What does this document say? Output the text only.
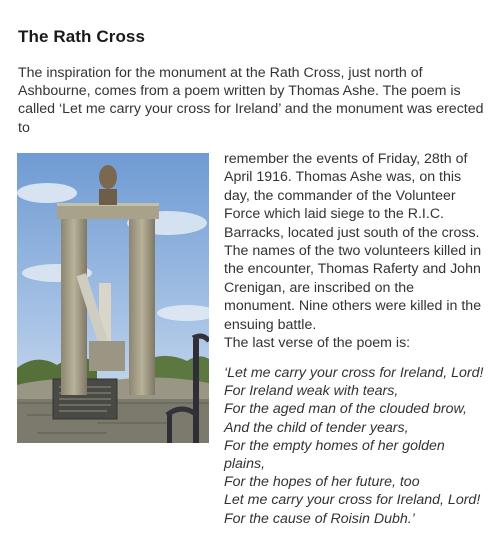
The Rath Cross

The inspiration for the monument at the Rath Cross, just north of Ashbourne, comes from a poem written by Thomas Ashe. The poem is called ‘Let me carry your cross for Ireland’ and the monument was erected to

remember the events of Friday, 28th of

April 1916. Thomas Ashe was, on this

day, the commander of the Volunteer

Force which laid siege to the R.I.C.

Barracks, located just south of the cross.

The names of the two volunteers killed in

the encounter, Thomas Raferty and John

Crenigan, are inscribed on the

monument. Nine others were killed in the

ensuing battle.

The last verse of the poem is:

‘Let me carry your cross for Ireland, Lord!
For Ireland weak with tears,
For the aged man of the clouded brow,
And the child of tender years,
For the empty homes of her golden
plains,
For the hopes of her future, too
Let me carry your cross for Ireland, Lord!
For the cause of Roisin Dubh.’
